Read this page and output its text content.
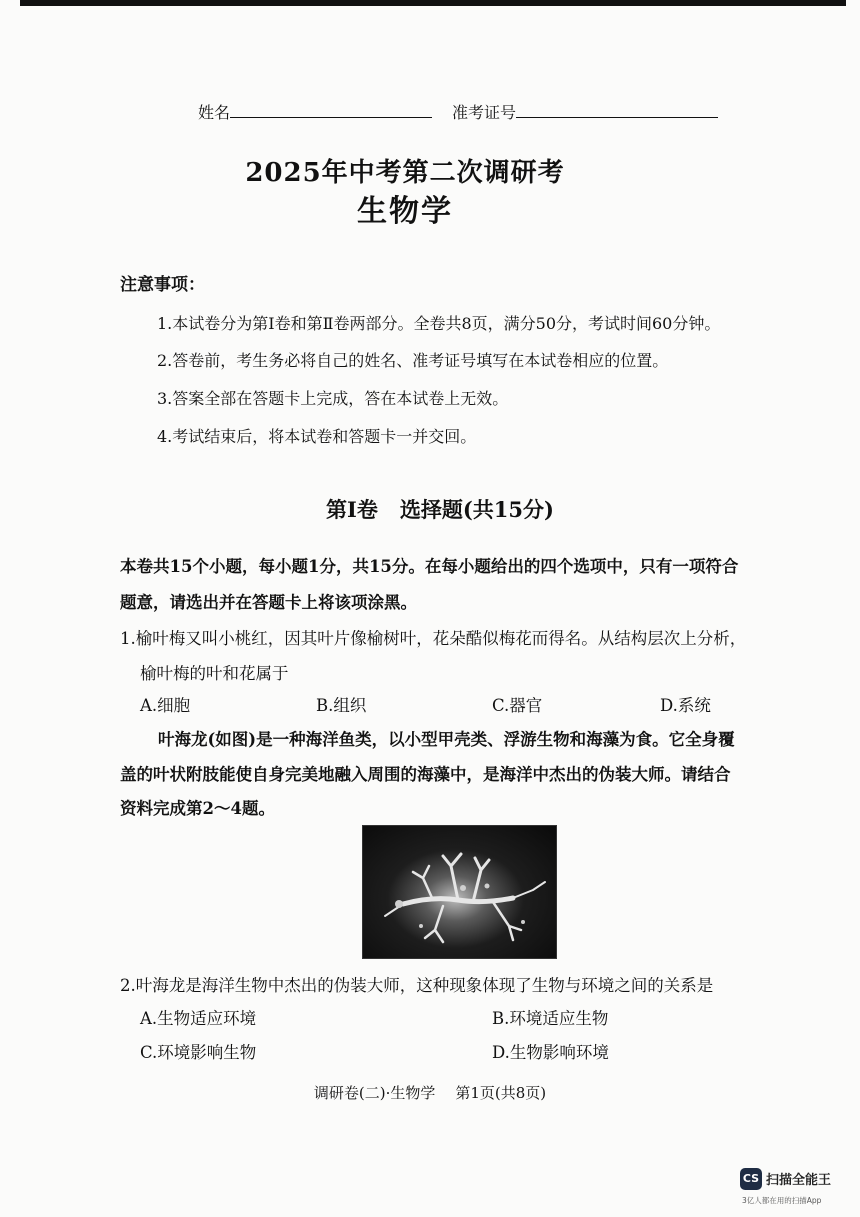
姓名	准考证号
2025年中考第二次调研考
生物学
注意事项：
1.本试卷分为第Ⅰ卷和第Ⅱ卷两部分。全卷共8页，满分50分，考试时间60分钟。
2.答卷前，考生务必将自己的姓名、准考证号填写在本试卷相应的位置。
3.答案全部在答题卡上完成，答在本试卷上无效。
4.考试结束后，将本试卷和答题卡一并交回。
第Ⅰ卷 选择题(共15分)
本卷共15个小题，每小题1分，共15分。在每小题给出的四个选项中，只有一项符合
题意，请选出并在答题卡上将该项涂黑。
1.榆叶梅又叫小桃红，因其叶片像榆树叶，花朵酷似梅花而得名。从结构层次上分析，
榆叶梅的叶和花属于
A.细胞	B.组织	C.器官	D.系统
叶海龙(如图)是一种海洋鱼类，以小型甲壳类、浮游生物和海藻为食。它全身覆
盖的叶状附肢能使自身完美地融入周围的海藻中，是海洋中杰出的伪装大师。请结合
资料完成第2～4题。
2.叶海龙是海洋生物中杰出的伪装大师，这种现象体现了生物与环境之间的关系是
A.生物适应环境	B.环境适应生物
C.环境影响生物	D.生物影响环境
调研卷(二)·生物学 第1页(共8页)
CS 扫描全能王
3亿人都在用的扫描App
